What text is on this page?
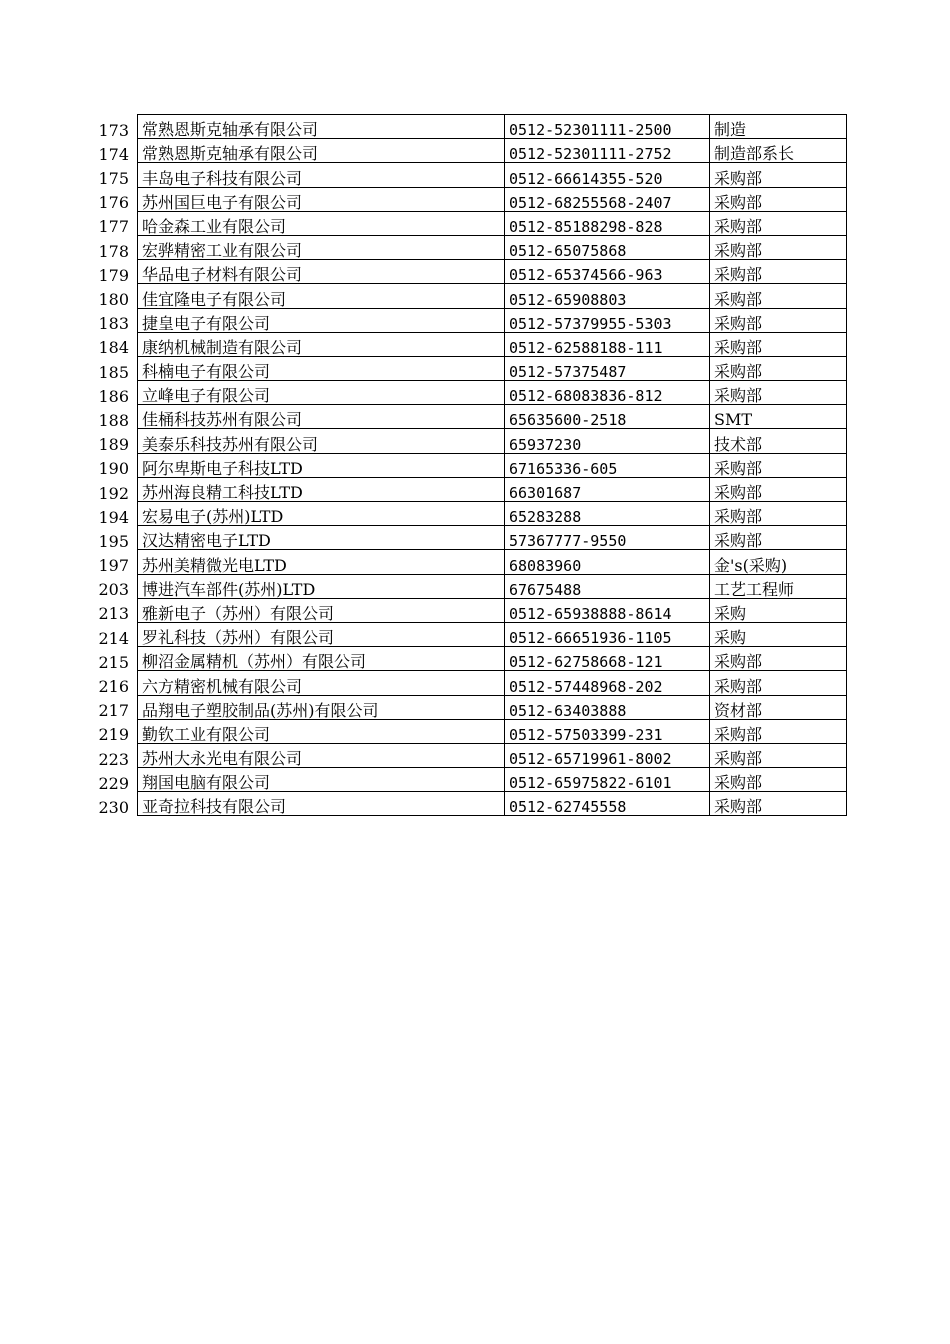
173	常熟恩斯克轴承有限公司	0512-52301111-2500	制造
174	常熟恩斯克轴承有限公司	0512-52301111-2752	制造部系长
175	丰岛电子科技有限公司	0512-66614355-520	采购部
176	苏州国巨电子有限公司	0512-68255568-2407	采购部
177	哈金森工业有限公司	0512-85188298-828	采购部
178	宏骅精密工业有限公司	0512-65075868	采购部
179	华品电子材料有限公司	0512-65374566-963	采购部
180	佳宜隆电子有限公司	0512-65908803	采购部
183	捷皇电子有限公司	0512-57379955-5303	采购部
184	康纳机械制造有限公司	0512-62588188-111	采购部
185	科楠电子有限公司	0512-57375487	采购部
186	立峰电子有限公司	0512-68083836-812	采购部
188	佳桶科技苏州有限公司	65635600-2518	SMT
189	美泰乐科技苏州有限公司	65937230	技术部
190	阿尔卑斯电子科技LTD	67165336-605	采购部
192	苏州海良精工科技LTD	66301687	采购部
194	宏易电子(苏州)LTD	65283288	采购部
195	汉达精密电子LTD	57367777-9550	采购部
197	苏州美精微光电LTD	68083960	金's(采购)
203	博进汽车部件(苏州)LTD	67675488	工艺工程师
213	雅新电子（苏州）有限公司	0512-65938888-8614	采购
214	罗礼科技（苏州）有限公司	0512-66651936-1105	采购
215	柳沼金属精机（苏州）有限公司	0512-62758668-121	采购部
216	六方精密机械有限公司	0512-57448968-202	采购部
217	品翔电子塑胶制品(苏州)有限公司	0512-63403888	资材部
219	勤钦工业有限公司	0512-57503399-231	采购部
223	苏州大永光电有限公司	0512-65719961-8002	采购部
229	翔国电脑有限公司	0512-65975822-6101	采购部
230	亚奇拉科技有限公司	0512-62745558	采购部
